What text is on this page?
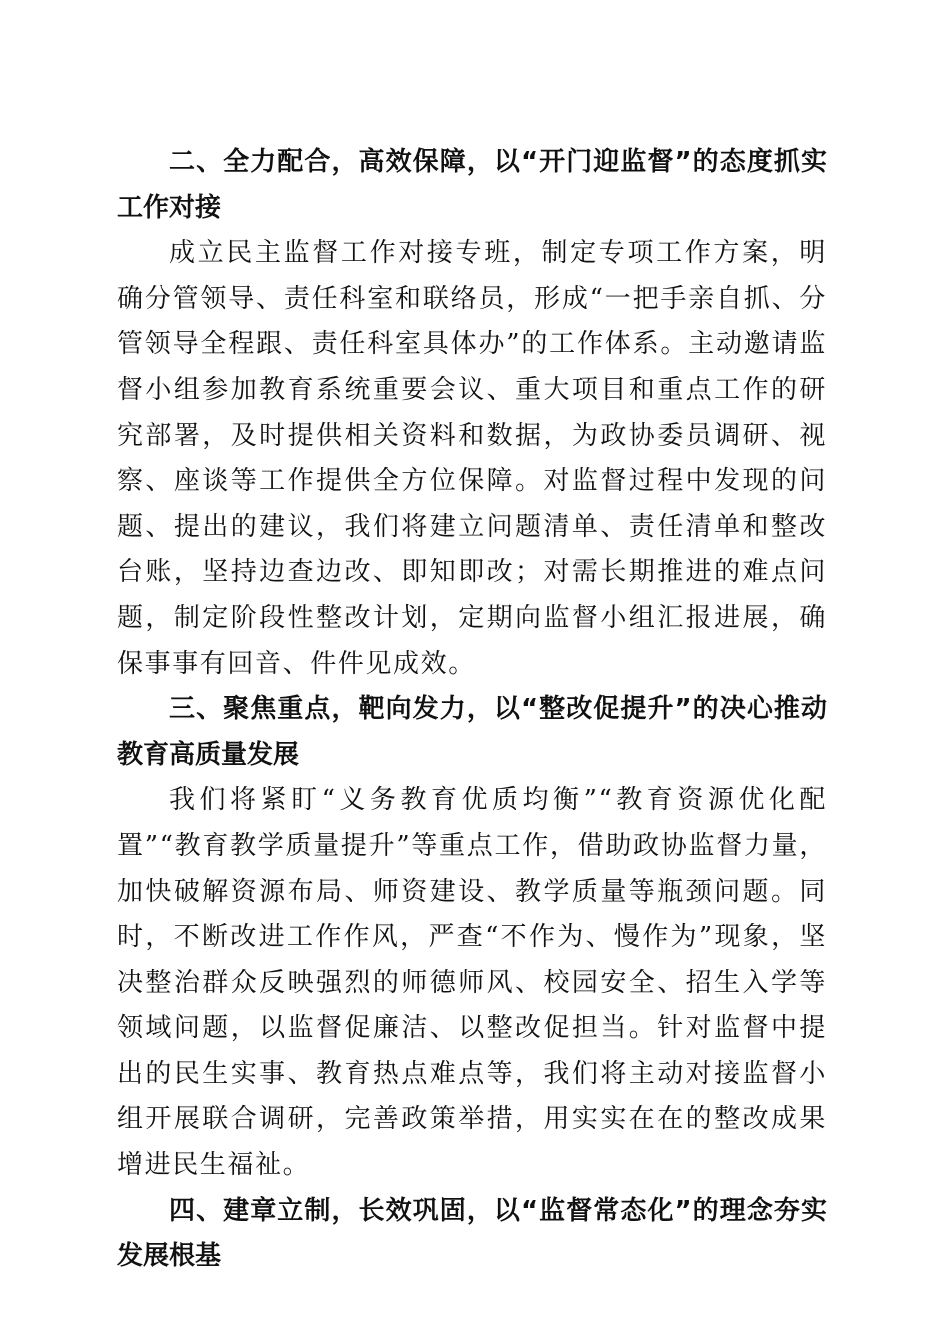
二、全力配合，高效保障，以“开门迎监督”的态度抓实工作对接

成立民主监督工作对接专班，制定专项工作方案，明确分管领导、责任科室和联络员，形成“一把手亲自抓、分管领导全程跟、责任科室具体办”的工作体系。主动邀请监督小组参加教育系统重要会议、重大项目和重点工作的研究部署，及时提供相关资料和数据，为政协委员调研、视察、座谈等工作提供全方位保障。对监督过程中发现的问题、提出的建议，我们将建立问题清单、责任清单和整改台账，坚持边查边改、即知即改；对需长期推进的难点问题，制定阶段性整改计划，定期向监督小组汇报进展，确保事事有回音、件件见成效。

三、聚焦重点，靶向发力，以“整改促提升”的决心推动教育高质量发展

我们将紧盯“义务教育优质均衡”“教育资源优化配置”“教育教学质量提升”等重点工作，借助政协监督力量，加快破解资源布局、师资建设、教学质量等瓶颈问题。同时，不断改进工作作风，严查“不作为、慢作为”现象，坚决整治群众反映强烈的师德师风、校园安全、招生入学等领域问题，以监督促廉洁、以整改促担当。针对监督中提出的民生实事、教育热点难点等，我们将主动对接监督小组开展联合调研，完善政策举措，用实实在在的整改成果增进民生福祉。

四、建章立制，长效巩固，以“监督常态化”的理念夯实发展根基
